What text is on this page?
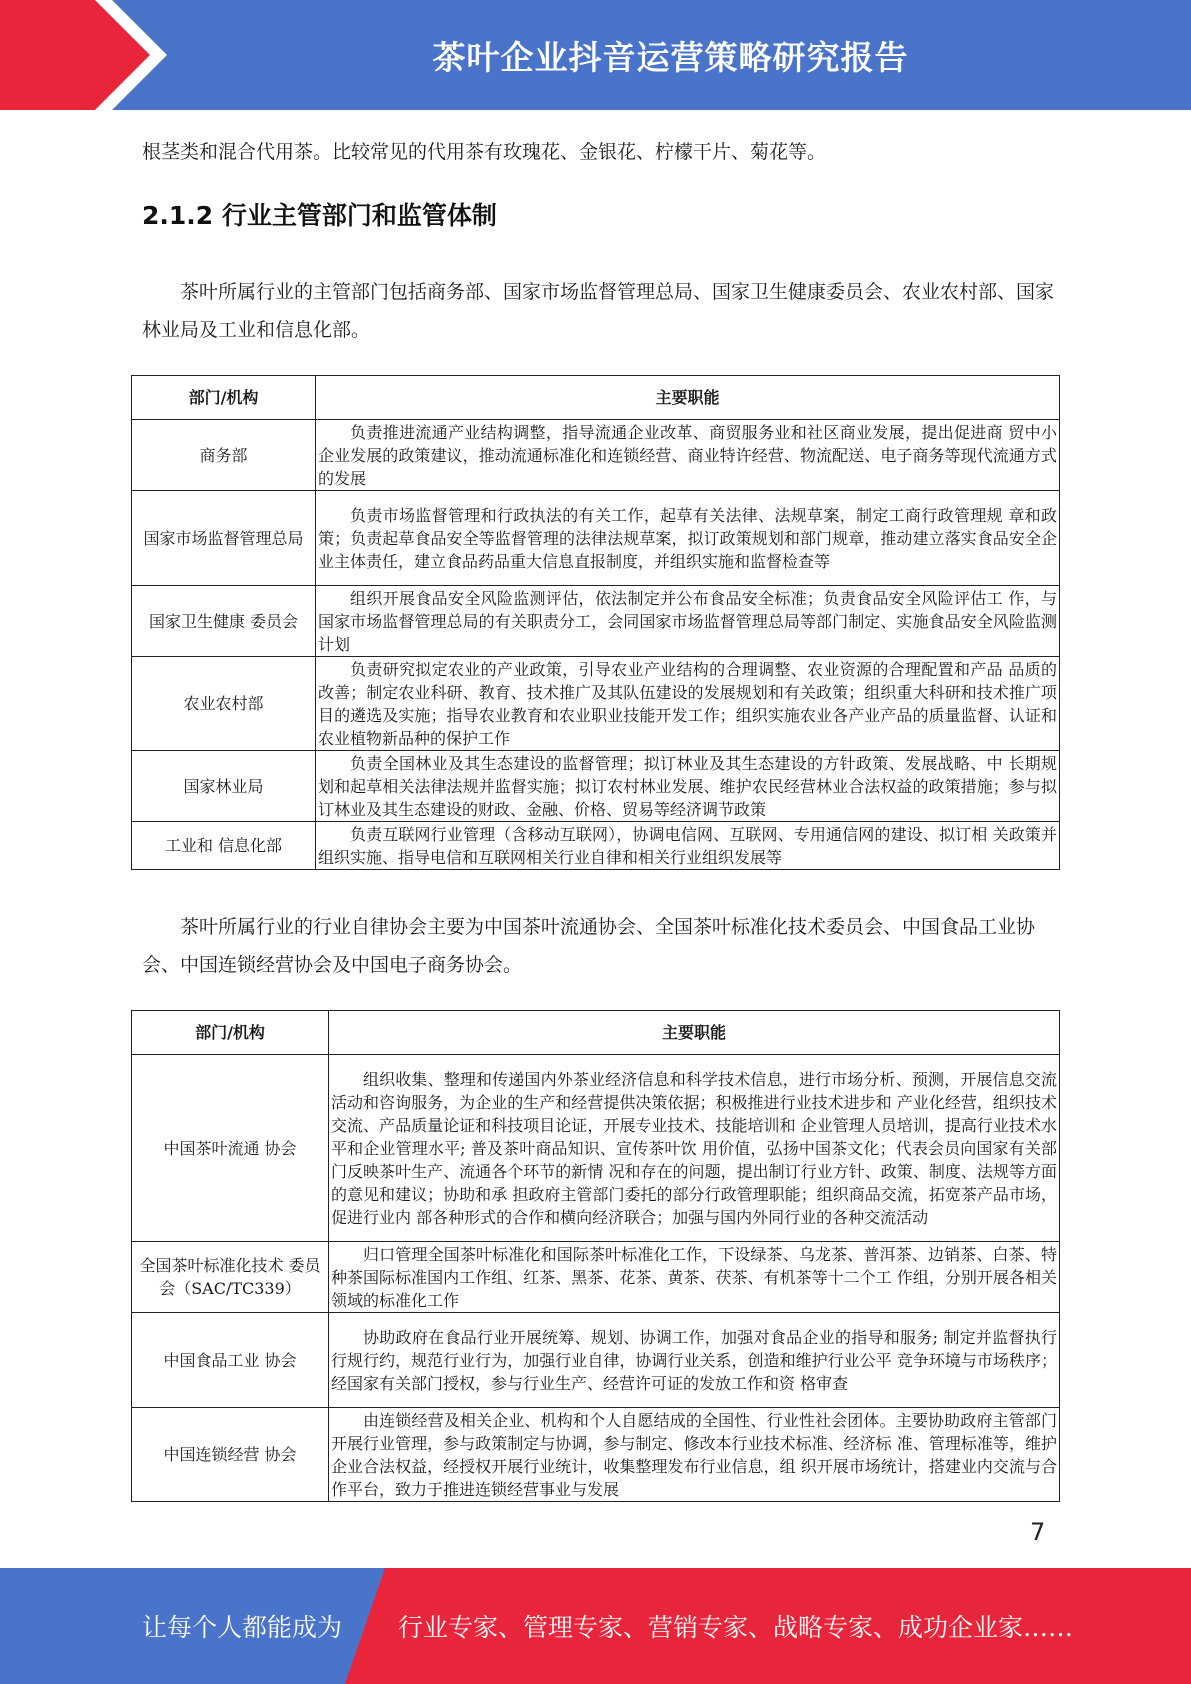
茶叶企业抖音运营策略研究报告

根茎类和混合代用茶。比较常见的代用茶有玫瑰花、金银花、柠檬干片、菊花等。

2.1.2 行业主管部门和监管体制

茶叶所属行业的主管部门包括商务部、国家市场监督管理总局、国家卫生健康委员会、农业农村部、国家林业局及工业和信息化部。

部门/机构	主要职能
商务部	负责推进流通产业结构调整，指导流通企业改革、商贸服务业和社区商业发展，提出促进商 贸中小企业发展的政策建议，推动流通标准化和连锁经营、商业特许经营、物流配送、电子商务等现代流通方式的发展
国家市场监督管理总局	负责市场监督管理和行政执法的有关工作，起草有关法律、法规草案，制定工商行政管理规 章和政策；负责起草食品安全等监督管理的法律法规草案，拟订政策规划和部门规章，推动建立落实食品安全企业主体责任，建立食品药品重大信息直报制度，并组织实施和监督检查等
国家卫生健康 委员会	组织开展食品安全风险监测评估，依法制定并公布食品安全标准；负责食品安全风险评估工 作，与国家市场监督管理总局的有关职责分工，会同国家市场监督管理总局等部门制定、实施食品安全风险监测计划
农业农村部	负责研究拟定农业的产业政策，引导农业产业结构的合理调整、农业资源的合理配置和产品 品质的改善；制定农业科研、教育、技术推广及其队伍建设的发展规划和有关政策；组织重大科研和技术推广项目的遴选及实施；指导农业教育和农业职业技能开发工作；组织实施农业各产业产品的质量监督、认证和农业植物新品种的保护工作
国家林业局	负责全国林业及其生态建设的监督管理；拟订林业及其生态建设的方针政策、发展战略、中 长期规划和起草相关法律法规并监督实施；拟订农村林业发展、维护农民经营林业合法权益的政策措施；参与拟订林业及其生态建设的财政、金融、价格、贸易等经济调节政策
工业和 信息化部	负责互联网行业管理（含移动互联网），协调电信网、互联网、专用通信网的建设、拟订相 关政策并组织实施、指导电信和互联网相关行业自律和相关行业组织发展等

茶叶所属行业的行业自律协会主要为中国茶叶流通协会、全国茶叶标准化技术委员会、中国食品工业协会、中国连锁经营协会及中国电子商务协会。

部门/机构	主要职能
中国茶叶流通 协会	组织收集、整理和传递国内外茶业经济信息和科学技术信息，进行市场分析、预测，开展信息交流活动和咨询服务，为企业的生产和经营提供决策依据；积极推进行业技术进步和 产业化经营，组织技术交流、产品质量论证和科技项目论证，开展专业技术、技能培训和 企业管理人员培训，提高行业技术水平和企业管理水平; 普及茶叶商品知识、宣传茶叶饮 用价值，弘扬中国茶文化；代表会员向国家有关部门反映茶叶生产、流通各个环节的新情 况和存在的问题，提出制订行业方针、政策、制度、法规等方面的意见和建议；协助和承 担政府主管部门委托的部分行政管理职能；组织商品交流，拓宽茶产品市场，促进行业内 部各种形式的合作和横向经济联合；加强与国内外同行业的各种交流活动
全国茶叶标准化技术 委员会（SAC/TC339）	归口管理全国茶叶标准化和国际茶叶标准化工作，下设绿茶、乌龙茶、普洱茶、边销茶、白茶、特种茶国际标准国内工作组、红茶、黑茶、花茶、黄茶、茯茶、有机茶等十二个工 作组，分别开展各相关领域的标准化工作
中国食品工业 协会	协助政府在食品行业开展统筹、规划、协调工作，加强对食品企业的指导和服务; 制定并监督执行行规行约，规范行业行为，加强行业自律，协调行业关系，创造和维护行业公平 竞争环境与市场秩序；经国家有关部门授权，参与行业生产、经营许可证的发放工作和资 格审查
中国连锁经营 协会	由连锁经营及相关企业、机构和个人自愿结成的全国性、行业性社会团体。主要协助政府主管部门开展行业管理，参与政策制定与协调，参与制定、修改本行业技术标准、经济标 准、管理标准等，维护企业合法权益，经授权开展行业统计，收集整理发布行业信息，组 织开展市场统计，搭建业内交流与合作平台，致力于推进连锁经营事业与发展
7
让每个人都能成为 行业专家、管理专家、营销专家、战略专家、成功企业家……
